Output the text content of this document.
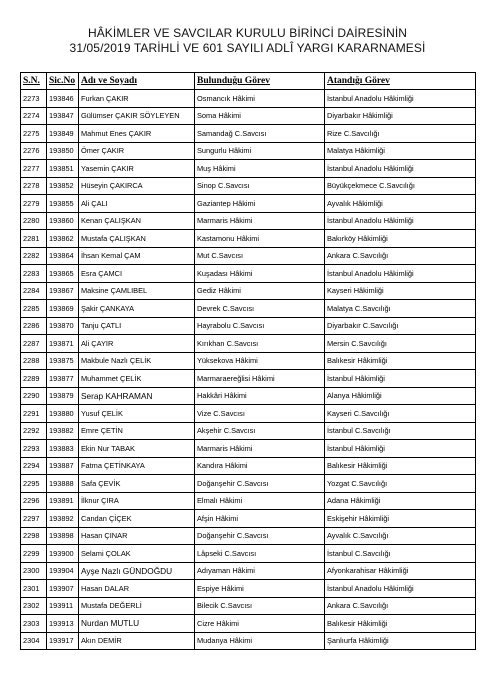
HÂKİMLER VE SAVCILAR KURULU BİRİNCİ DAİRESİNİN
31/05/2019 TARİHLİ VE 601 SAYILI ADLÎ YARGI KARARNAMESİ
S.N.	Sic.No	Adı ve Soyadı	Bulunduğu Görev	Atandığı Görev
2273	193846	Furkan ÇAKIR	Osmancık Hâkimi	İstanbul Anadolu Hâkimliği
2274	193847	Gülümser ÇAKIR SÖYLEYEN	Soma Hâkimi	Diyarbakır Hâkimliği
2275	193849	Mahmut Enes ÇAKIR	Samandağ C.Savcısı	Rize C.Savcılığı
2276	193850	Ömer ÇAKIR	Sungurlu Hâkimi	Malatya Hâkimliği
2277	193851	Yasemin ÇAKIR	Muş Hâkimi	İstanbul Anadolu Hâkimliği
2278	193852	Hüseyin ÇAKIRCA	Sinop C.Savcısı	Büyükçekmece C.Savcılığı
2279	193855	Ali ÇALI	Gaziantep Hâkimi	Ayvalık Hâkimliği
2280	193860	Kenan ÇALIŞKAN	Marmaris Hâkimi	İstanbul Anadolu Hâkimliği
2281	193862	Mustafa ÇALIŞKAN	Kastamonu Hâkimi	Bakırköy Hâkimliği
2282	193864	İhsan Kemal ÇAM	Mut C.Savcısı	Ankara C.Savcılığı
2283	193865	Esra ÇAMCI	Kuşadası Hâkimi	İstanbul Anadolu Hâkimliği
2284	193867	Maksine ÇAMLIBEL	Gediz Hâkimi	Kayseri Hâkimliği
2285	193869	Şakir ÇANKAYA	Devrek C.Savcısı	Malatya C.Savcılığı
2286	193870	Tanju ÇATLI	Hayrabolu C.Savcısı	Diyarbakır C.Savcılığı
2287	193871	Ali ÇAYIR	Kırıkhan C.Savcısı	Mersin C.Savcılığı
2288	193875	Makbule Nazlı ÇELİK	Yüksekova Hâkimi	Balıkesir Hâkimliği
2289	193877	Muhammet ÇELİK	Marmaraereğlisi Hâkimi	İstanbul Hâkimliği
2290	193879	Serap KAHRAMAN	Hakkâri Hâkimi	Alanya Hâkimliği
2291	193880	Yusuf ÇELİK	Vize C.Savcısı	Kayseri C.Savcılığı
2292	193882	Emre ÇETİN	Akşehir C.Savcısı	İstanbul C.Savcılığı
2293	193883	Ekin Nur TABAK	Marmaris Hâkimi	İstanbul Hâkimliği
2294	193887	Fatma ÇETİNKAYA	Kandıra Hâkimi	Balıkesir Hâkimliği
2295	193888	Safa ÇEVİK	Doğanşehir C.Savcısı	Yozgat C.Savcılığı
2296	193891	İlknur ÇIRA	Elmalı Hâkimi	Adana Hâkimliği
2297	193892	Candan ÇİÇEK	Afşin Hâkimi	Eskişehir Hâkimliği
2298	193898	Hasan ÇINAR	Doğanşehir C.Savcısı	Ayvalık C.Savcılığı
2299	193900	Selami ÇOLAK	Lâpseki C.Savcısı	İstanbul C.Savcılığı
2300	193904	Ayşe Nazlı GÜNDOĞDU	Adıyaman Hâkimi	Afyonkarahisar Hâkimliği
2301	193907	Hasan DALAR	Espiye Hâkimi	İstanbul Anadolu Hâkimliği
2302	193911	Mustafa DEĞERLİ	Bilecik C.Savcısı	Ankara C.Savcılığı
2303	193913	Nurdan MUTLU	Cizre Hâkimi	Balıkesir Hâkimliği
2304	193917	Akın DEMİR	Mudanya Hâkimi	Şanlıurfa Hâkimliği
